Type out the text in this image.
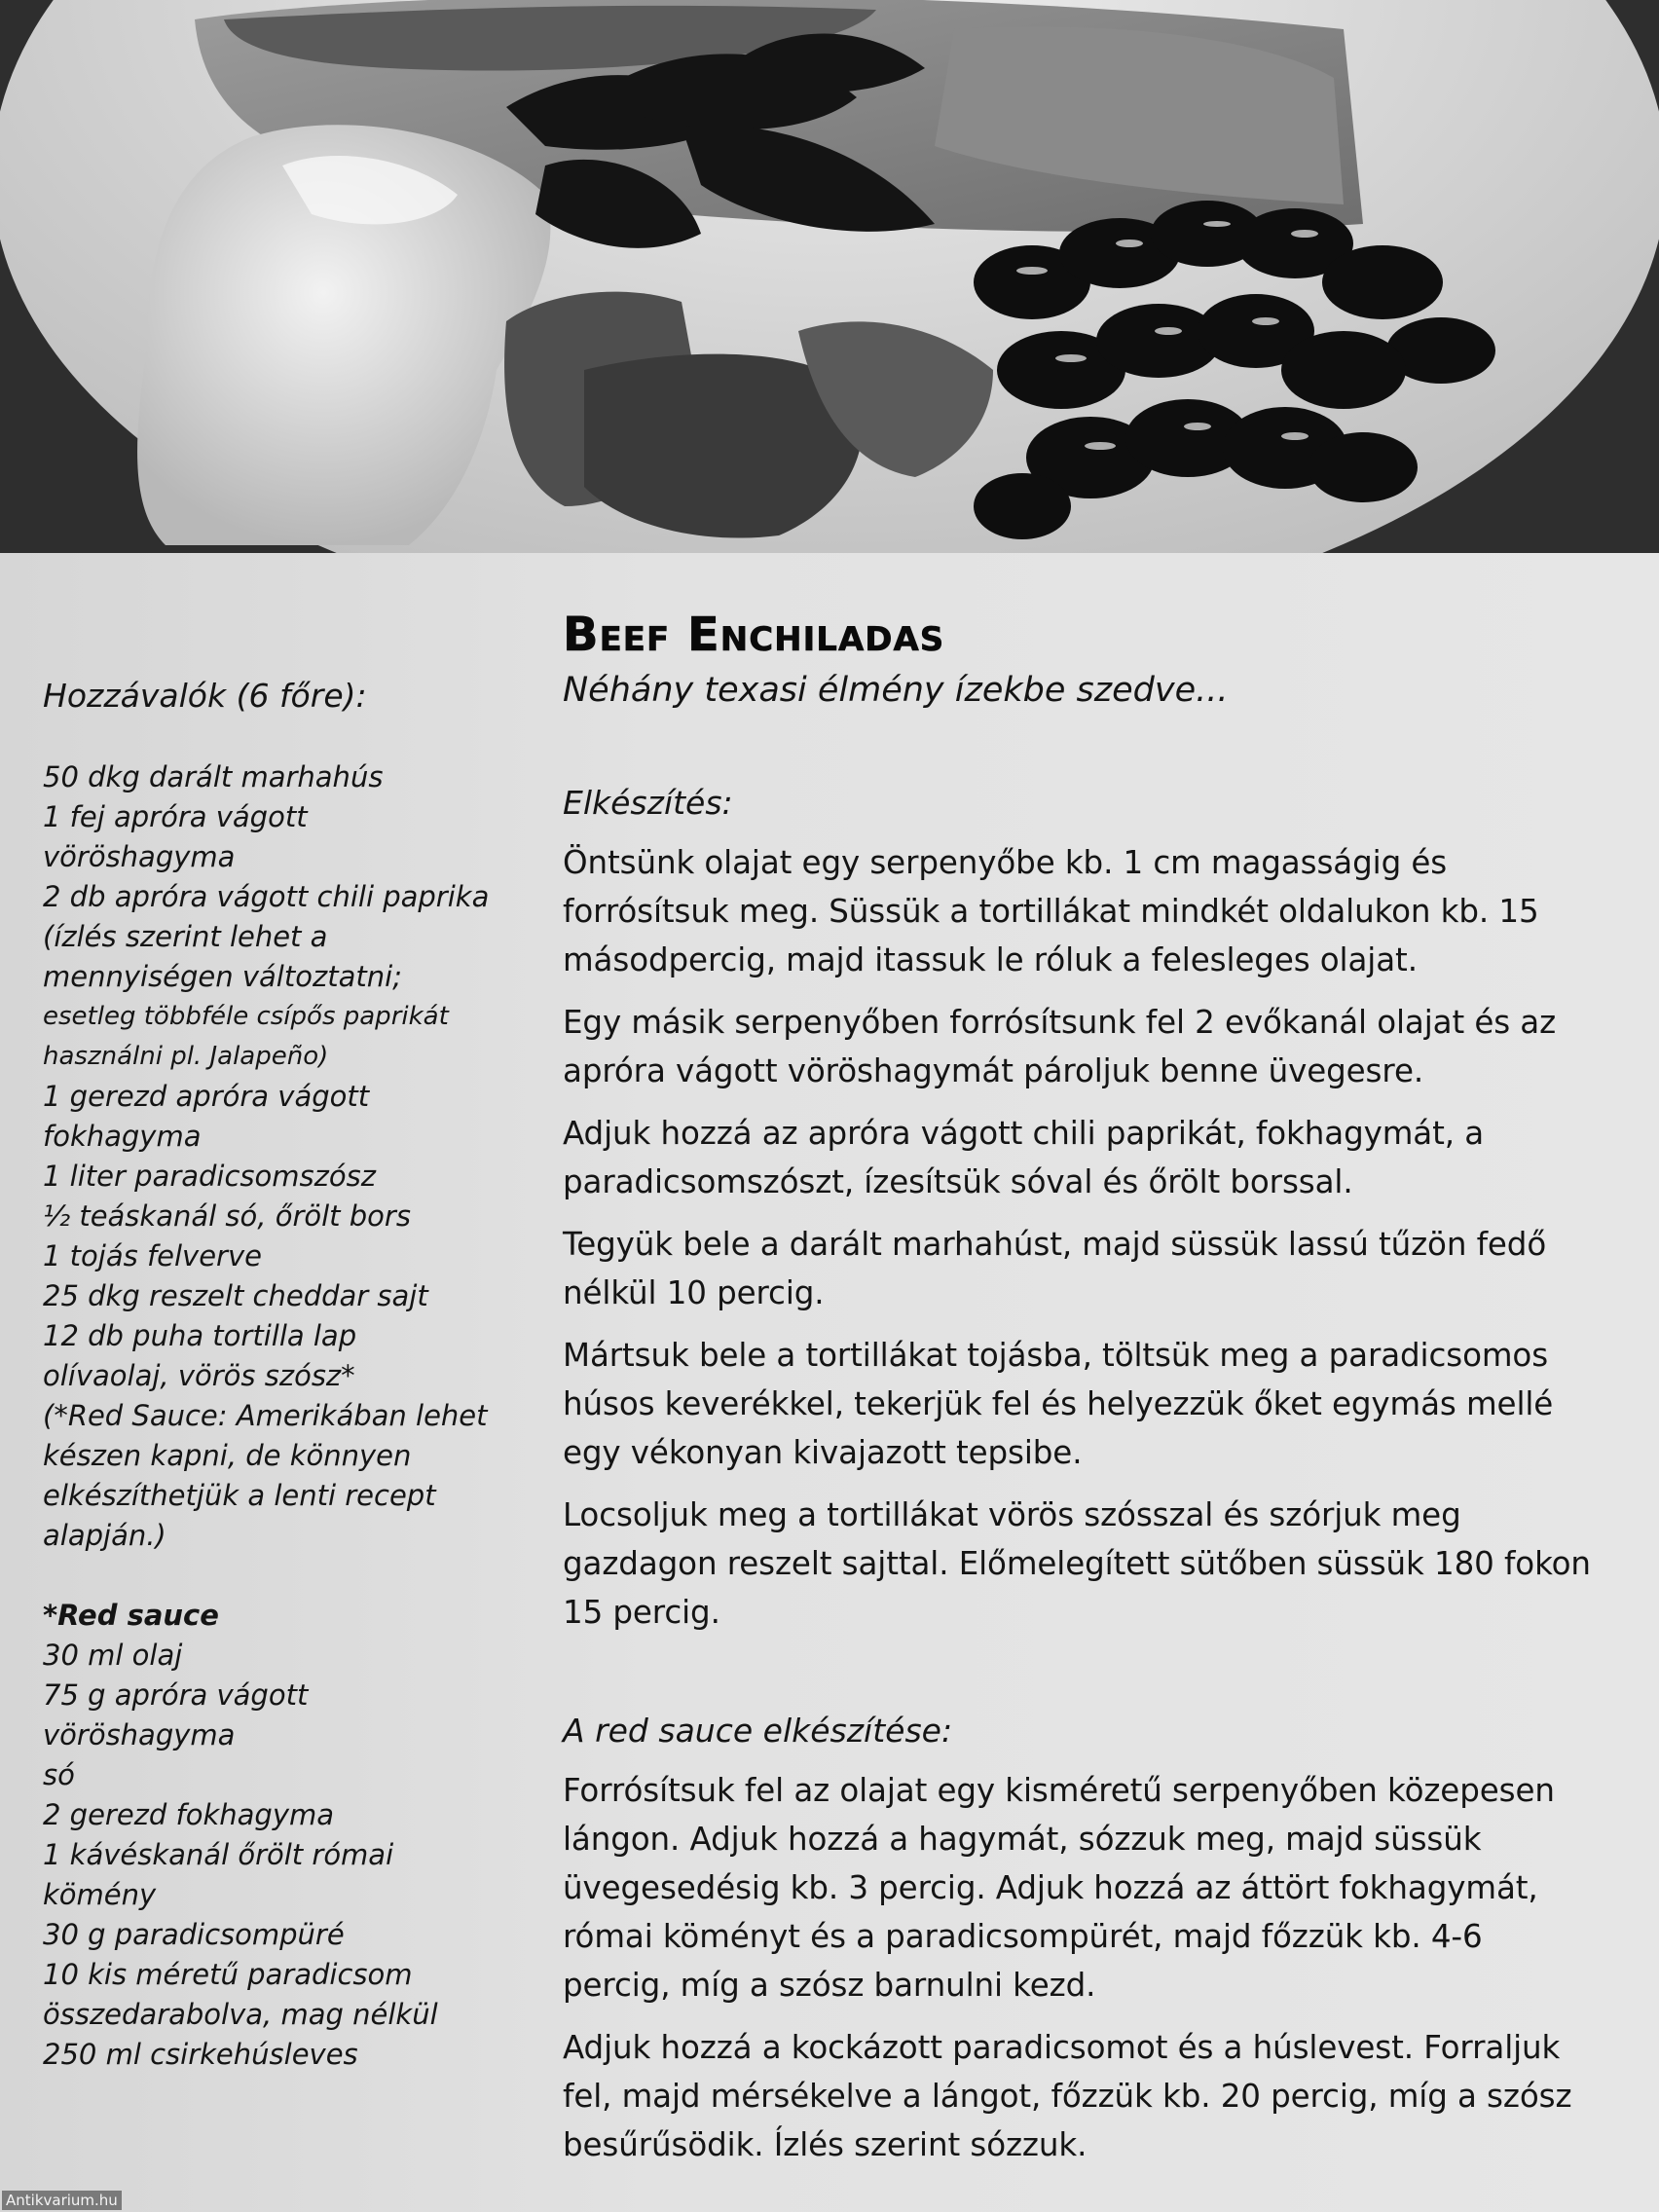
Hozzávalók (6 főre):
50 dkg darált marhahús
1 fej apróra vágott
vöröshagyma
2 db apróra vágott chili paprika
(ízlés szerint lehet a
mennyiségen változtatni;
esetleg többféle csípős paprikát
használni pl. Jalapeño)
1 gerezd apróra vágott
fokhagyma
1 liter paradicsomszósz
½ teáskanál só, őrölt bors
1 tojás felverve
25 dkg reszelt cheddar sajt
12 db puha tortilla lap
olívaolaj, vörös szósz*
(*Red Sauce: Amerikában lehet
készen kapni, de könnyen
elkészíthetjük a lenti recept
alapján.)
*Red sauce
30 ml olaj
75 g apróra vágott
vöröshagyma
só
2 gerezd fokhagyma
1 kávéskanál őrölt római
kömény
30 g paradicsompüré
10 kis méretű paradicsom
összedarabolva, mag nélkül
250 ml csirkehúsleves
Beef Enchiladas
Néhány texasi élmény ízekbe szedve...
Elkészítés:
Öntsünk olajat egy serpenyőbe kb. 1 cm magasságig és
forrósítsuk meg. Süssük a tortillákat mindkét oldalukon kb. 15
másodpercig, majd itassuk le róluk a felesleges olajat.
Egy másik serpenyőben forrósítsunk fel 2 evőkanál olajat és az
apróra vágott vöröshagymát pároljuk benne üvegesre.
Adjuk hozzá az apróra vágott chili paprikát, fokhagymát, a
paradicsomszószt, ízesítsük sóval és őrölt borssal.
Tegyük bele a darált marhahúst, majd süssük lassú tűzön fedő
nélkül 10 percig.
Mártsuk bele a tortillákat tojásba, töltsük meg a paradicsomos
húsos keverékkel, tekerjük fel és helyezzük őket egymás mellé
egy vékonyan kivajazott tepsibe.
Locsoljuk meg a tortillákat vörös szósszal és szórjuk meg
gazdagon reszelt sajttal. Előmelegített sütőben süssük 180 fokon
15 percig.
A red sauce elkészítése:
Forrósítsuk fel az olajat egy kisméretű serpenyőben közepesen
lángon. Adjuk hozzá a hagymát, sózzuk meg, majd süssük
üvegesedésig kb. 3 percig. Adjuk hozzá az áttört fokhagymát,
római köményt és a paradicsompürét, majd főzzük kb. 4-6
percig, míg a szósz barnulni kezd.
Adjuk hozzá a kockázott paradicsomot és a húslevest. Forraljuk
fel, majd mérsékelve a lángot, főzzük kb. 20 percig, míg a szósz
besűrűsödik. Ízlés szerint sózzuk.
Antikvarium.hu
